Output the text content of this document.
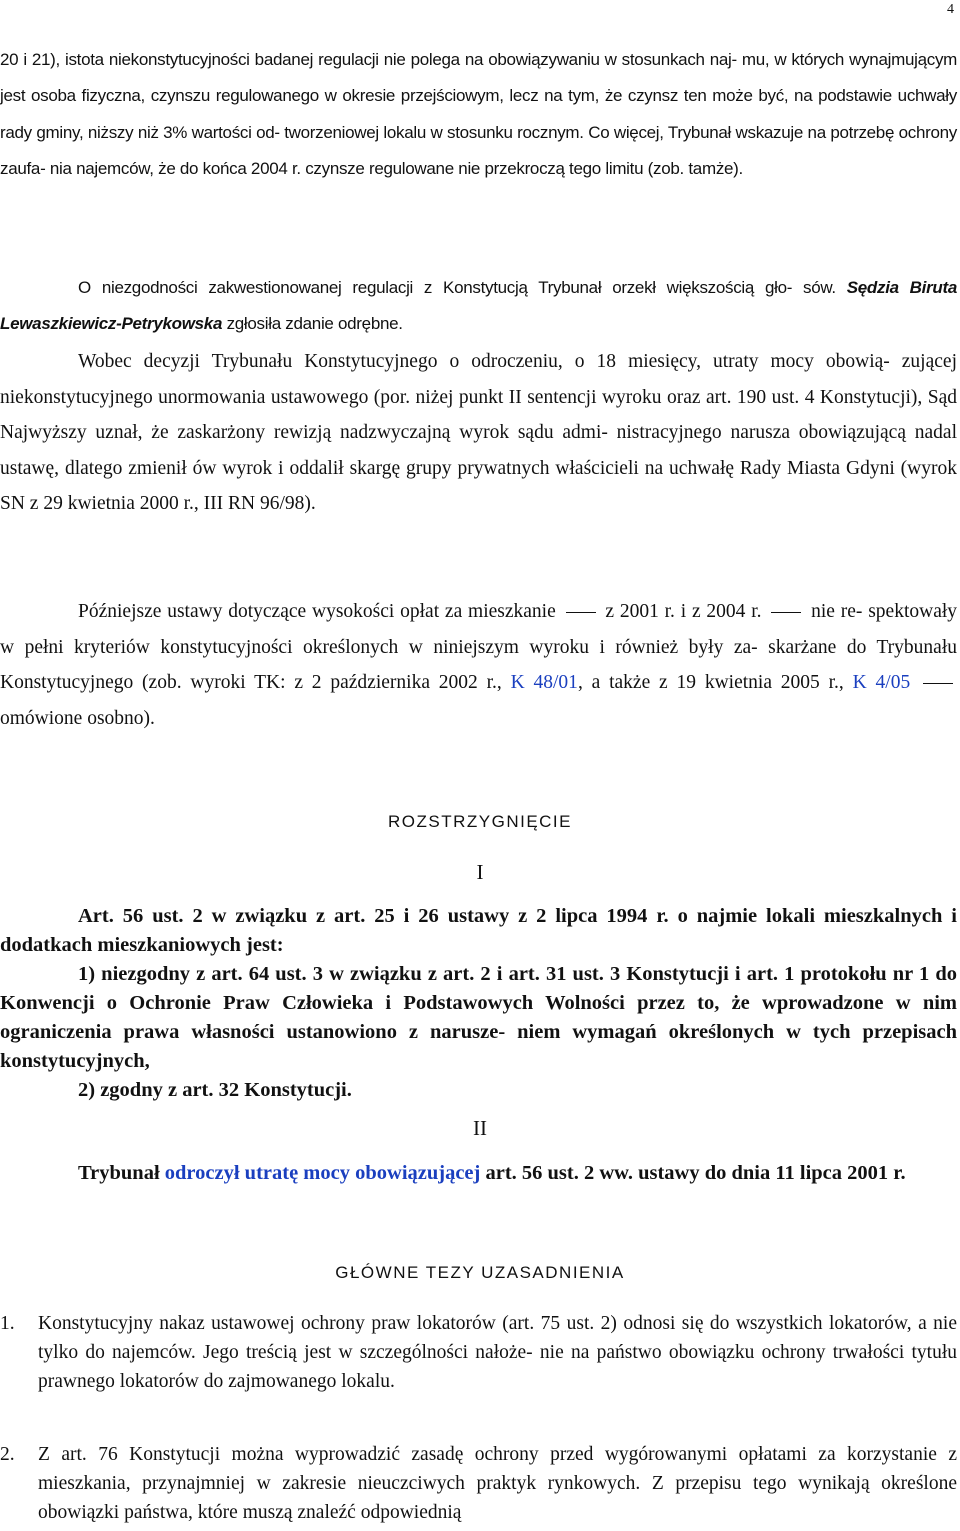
4
20 i 21), istota niekonstytucyjności badanej regulacji nie polega na obowiązywaniu w stosunkach naj- mu, w których wynajmującym jest osoba fizyczna, czynszu regulowanego w okresie przejściowym, lecz na tym, że czynsz ten może być, na podstawie uchwały rady gminy, niższy niż 3% wartości od- tworzeniowej lokalu w stosunku rocznym. Co więcej, Trybunał wskazuje na potrzebę ochrony zaufa- nia najemców, że do końca 2004 r. czynsze regulowane nie przekroczą tego limitu (zob. tamże).
O niezgodności zakwestionowanej regulacji z Konstytucją Trybunał orzekł większością gło- sów. Sędzia Biruta Lewaszkiewicz-Petrykowska zgłosiła zdanie odrębne.
Wobec decyzji Trybunału Konstytucyjnego o odroczeniu, o 18 miesięcy, utraty mocy obowią- zującej niekonstytucyjnego unormowania ustawowego (por. niżej punkt II sentencji wyroku oraz art. 190 ust. 4 Konstytucji), Sąd Najwyższy uznał, że zaskarżony rewizją nadzwyczajną wyrok sądu admi- nistracyjnego narusza obowiązującą nadal ustawę, dlatego zmienił ów wyrok i oddalił skargę grupy prywatnych właścicieli na uchwałę Rady Miasta Gdyni (wyrok SN z 29 kwietnia 2000 r., III RN 96/98).
Późniejsze ustawy dotyczące wysokości opłat za mieszkanie	z 2001 r. i z 2004 r.	nie re- spektowały w pełni kryteriów konstytucyjności określonych w niniejszym wyroku i również były za- skarżane do Trybunału Konstytucyjnego (zob. wyroki TK: z 2 października 2002 r., K 48/01, a także z 19 kwietnia 2005 r., K 4/05  omówione osobno).
ROZSTRZYGNIĘCIE
I
Art. 56 ust. 2 w związku z art. 25 i 26 ustawy z 2 lipca 1994 r. o najmie lokali mieszkalnych i dodatkach mieszkaniowych jest:
1) niezgodny z art. 64 ust. 3 w związku z art. 2 i art. 31 ust. 3 Konstytucji i art. 1 protokołu nr 1 do Konwencji o Ochronie Praw Człowieka i Podstawowych Wolności przez to, że wprowadzone w nim ograniczenia prawa własności ustanowiono z narusze- niem wymagań określonych w tych przepisach konstytucyjnych,
2) zgodny z art. 32 Konstytucji.
II
Trybunał odroczył utratę mocy obowiązującej art. 56 ust. 2 ww. ustawy do dnia 11 lipca 2001 r.
GŁÓWNE TEZY UZASADNIENIA
1. Konstytucyjny nakaz ustawowej ochrony praw lokatorów (art. 75 ust. 2) odnosi się do wszystkich lokatorów, a nie tylko do najemców. Jego treścią jest w szczególności nałoże- nie na państwo obowiązku ochrony trwałości tytułu prawnego lokatorów do zajmowanego lokalu.
2. Z art. 76 Konstytucji można wyprowadzić zasadę ochrony przed wygórowanymi opłatami za korzystanie z mieszkania, przynajmniej w zakresie nieuczciwych praktyk rynkowych. Z przepisu tego wynikają określone obowiązki państwa, które muszą znaleźć odpowiednią
